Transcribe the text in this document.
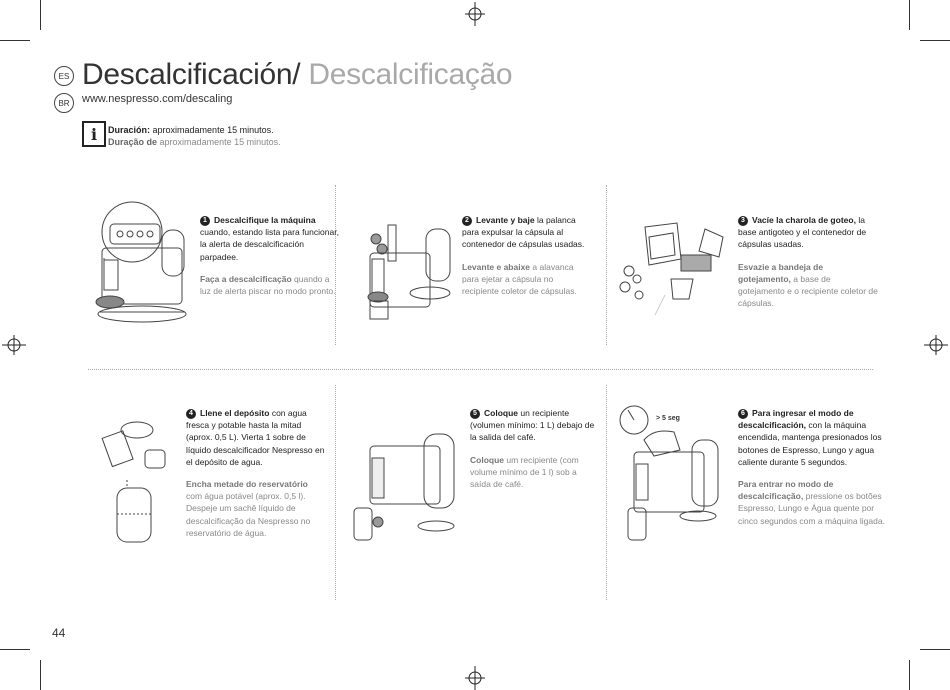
ES
BR
Descalcificación/ Descalcificação
www.nespresso.com/descaling
i	Duración: aproximadamente 15 minutos.
Duração de aproximadamente 15 minutos.
> 5 seg
1 Descalcifique la máquina cuando, estando lista para funcionar, la alerta de descalcificación parpadee.
Faça a descalcificação quando a luz de alerta piscar no modo pronto.
2 Levante y baje la palanca para expulsar la cápsula al contenedor de cápsulas usadas.
Levante e abaixe a alavanca para ejetar a cápsula no recipiente coletor de cápsulas.
3 Vacíe la charola de goteo, la base antigoteo y el contenedor de cápsulas usadas.
Esvazie a bandeja de gotejamento, a base de gotejamento e o recipiente coletor de cápsulas.
4 Llene el depósito con agua fresca y potable hasta la mitad (aprox. 0,5 L). Vierta 1 sobre de líquido descalcificador Nespresso en el depósito de agua.
Encha metade do reservatório com água potável (aprox. 0,5 l). Despeje um sachê líquido de descalcificação da Nespresso no reservatório de água.
5 Coloque un recipiente (volumen mínimo: 1 L) debajo de la salida del café.
Coloque um recipiente (com volume mínimo de 1 l) sob a saída de café.
6 Para ingresar el modo de descalcificación, con la máquina encendida, mantenga presionados los botones de Espresso, Lungo y agua caliente durante 5 segundos.
Para entrar no modo de descalcificação, pressione os botões Espresso, Lungo e Água quente por cinco segundos com a máquina ligada.
44
